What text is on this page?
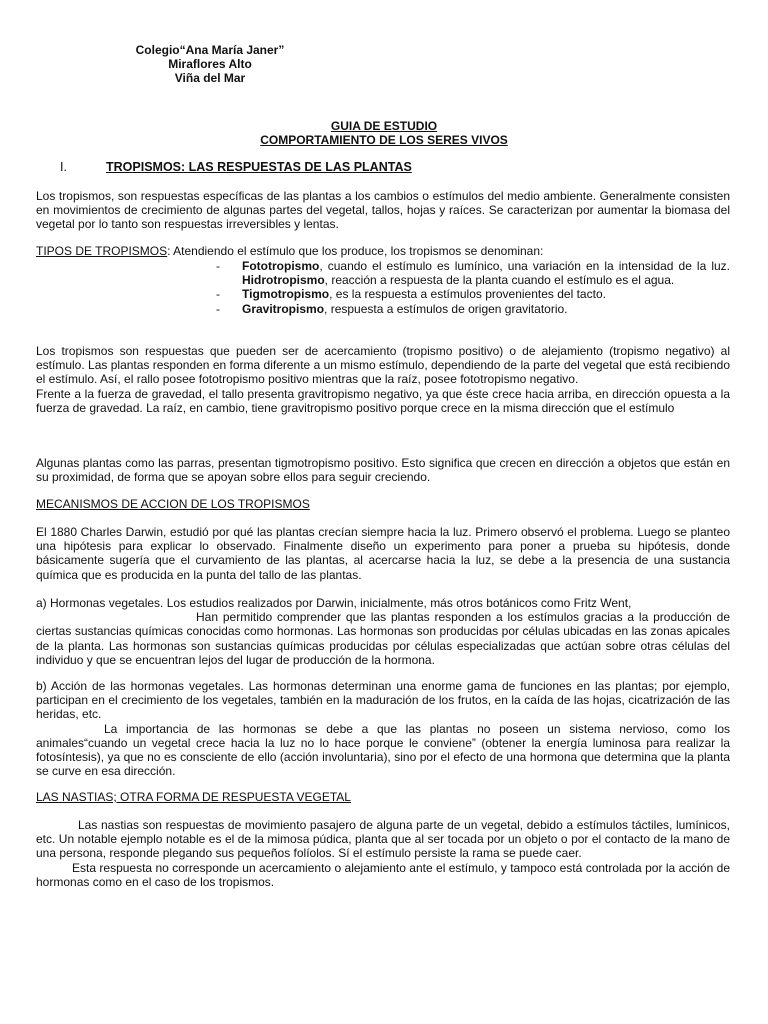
Colegio“Ana María Janer”
Miraflores Alto
Viña del Mar
GUIA DE ESTUDIO
COMPORTAMIENTO DE LOS SERES VIVOS
I.	TROPISMOS: LAS RESPUESTAS DE LAS PLANTAS

Los tropismos, son respuestas específicas de las plantas a los cambios o estímulos del medio ambiente. Generalmente consisten en movimientos de crecimiento de algunas partes del vegetal, tallos, hojas y raíces. Se caracterizan por aumentar la biomasa del vegetal por lo tanto son respuestas irreversibles y lentas.

TIPOS DE TROPISMOS: Atendiendo el estímulo que los produce, los tropismos se denominan:

-	Fototropismo, cuando el estímulo es lumínico, una variación en la intensidad de la luz. Hidrotropismo, reacción a respuesta de la planta cuando el estímulo es el agua.
-	Tigmotropismo, es la respuesta a estímulos provenientes del tacto.
-	Gravitropismo, respuesta a estímulos de origen gravitatorio.

Los tropismos son respuestas que pueden ser de acercamiento (tropismo positivo) o de alejamiento (tropismo negativo) al estímulo. Las plantas responden en forma diferente a un mismo estímulo, dependiendo de la parte del vegetal que está recibiendo el estímulo. Así, el rallo posee fototropismo positivo mientras que la raíz, posee fototropismo negativo.

Frente a la fuerza de gravedad, el tallo presenta gravitropismo negativo, ya que éste crece hacia arriba, en dirección opuesta a la fuerza de gravedad. La raíz, en cambio, tiene gravitropismo positivo porque crece en la misma dirección que el estímulo

Algunas plantas como las parras, presentan tigmotropismo positivo. Esto significa que crecen en dirección a objetos que están en su proximidad, de forma que se apoyan sobre ellos para seguir creciendo.

MECANISMOS DE ACCION DE LOS TROPISMOS

El 1880 Charles Darwin, estudió por qué las plantas crecían siempre hacia la luz. Primero observó el problema. Luego se planteo una hipótesis para explicar lo observado. Finalmente diseño un experimento para poner a prueba su hipótesis, donde básicamente sugería que el curvamiento de las plantas, al acercarse hacia la luz, se debe a la presencia de una sustancia química que es producida en la punta del tallo de las plantas.

a) Hormonas vegetales. Los estudios realizados por Darwin, inicialmente, más otros botánicos como Fritz Went,

Han permitido comprender que las plantas responden a los estímulos gracias a la producción de ciertas sustancias químicas conocidas como hormonas. Las hormonas son producidas por células ubicadas en las zonas apicales de la planta. Las hormonas son sustancias químicas producidas por células especializadas que actúan sobre otras células del individuo y que se encuentran lejos del lugar de producción de la hormona.

b) Acción de las hormonas vegetales. Las hormonas determinan una enorme gama de funciones en las plantas; por ejemplo, participan en el crecimiento de los vegetales, también en la maduración de los frutos, en la caída de las hojas, cicatrización de las heridas, etc.

La importancia de las hormonas se debe a que las plantas no poseen un sistema nervioso, como los animales“cuando un vegetal crece hacia la luz no lo hace porque le conviene” (obtener la energía luminosa para realizar la fotosíntesis), ya que no es consciente de ello (acción involuntaria), sino por el efecto de una hormona que determina que la planta se curve en esa dirección.

LAS NASTIAS; OTRA FORMA DE RESPUESTA VEGETAL

Las nastias son respuestas de movimiento pasajero de alguna parte de un vegetal, debido a estímulos táctiles, lumínicos, etc. Un notable ejemplo notable es el de la mimosa púdica, planta que al ser tocada por un objeto o por el contacto de la mano de una persona, responde plegando sus pequeños folíolos. Sí el estímulo persiste la rama se puede caer.

Esta respuesta no corresponde un acercamiento o alejamiento ante el estímulo, y tampoco está controlada por la acción de hormonas como en el caso de los tropismos.
